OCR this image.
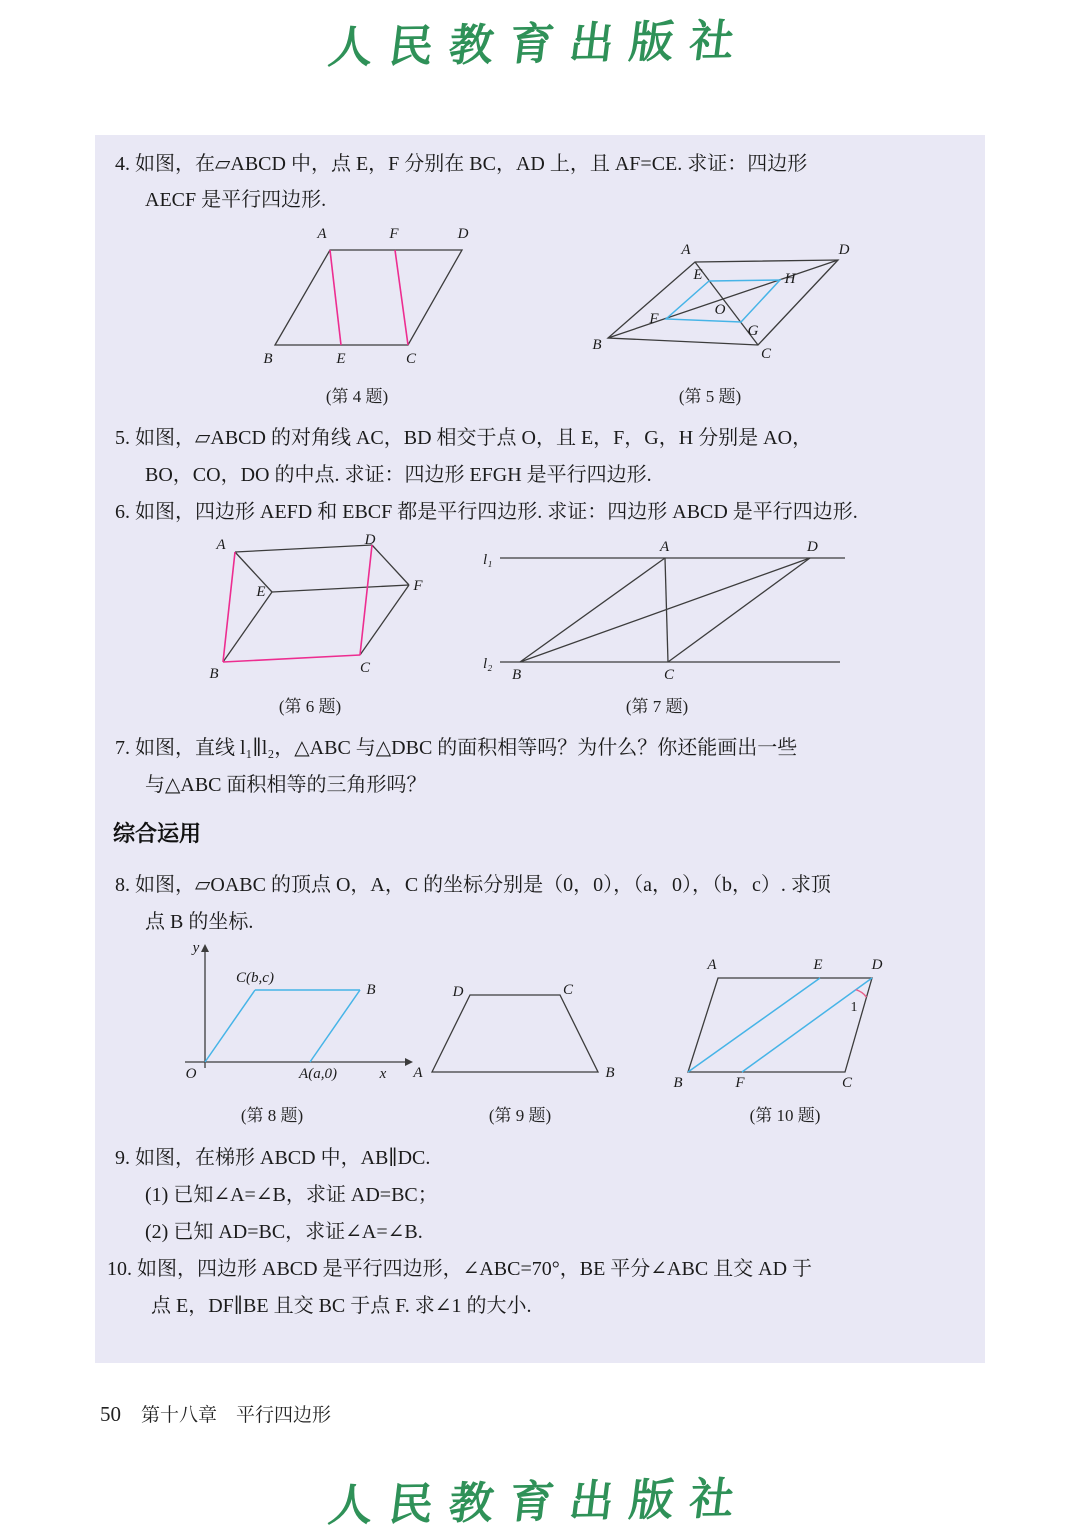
人民教育出版社
4. 如图，在▱ABCD 中，点 E，F 分别在 BC，AD 上，且 AF=CE. 求证：四边形
AECF 是平行四边形.
A	F	D
B	E	C
(第 4 题)
A	D
B
C
E
F
G
H
O
(第 5 题)
5. 如图，▱ABCD 的对角线 AC，BD 相交于点 O，且 E，F，G，H 分别是 AO，
BO，CO，DO 的中点. 求证：四边形 EFGH 是平行四边形.
6. 如图，四边形 AEFD 和 EBCF 都是平行四边形. 求证：四边形 ABCD 是平行四边形.
A	D
E	F
B	C
(第 6 题)
l₁
l₂
A	D
B	C
(第 7 题)
7. 如图，直线 l₁∥l₂，△ABC 与△DBC 的面积相等吗？为什么？你还能画出一些
与△ABC 面积相等的三角形吗？
综合运用
8. 如图，▱OABC 的顶点 O，A，C 的坐标分别是（0，0），（a，0），（b，c）. 求顶
点 B 的坐标.
y
x
O
C(b,c)
B
A(a,0)
(第 8 题)
D	C
A	B
(第 9 题)
A	E	D
B	F	C
1
(第 10 题)
9. 如图，在梯形 ABCD 中，AB∥DC.
(1) 已知∠A=∠B，求证 AD=BC；
(2) 已知 AD=BC，求证∠A=∠B.
10. 如图，四边形 ABCD 是平行四边形，∠ABC=70°，BE 平分∠ABC 且交 AD 于
点 E，DF∥BE 且交 BC 于点 F. 求∠1 的大小.
50 第十八章　平行四边形
人民教育出版社
